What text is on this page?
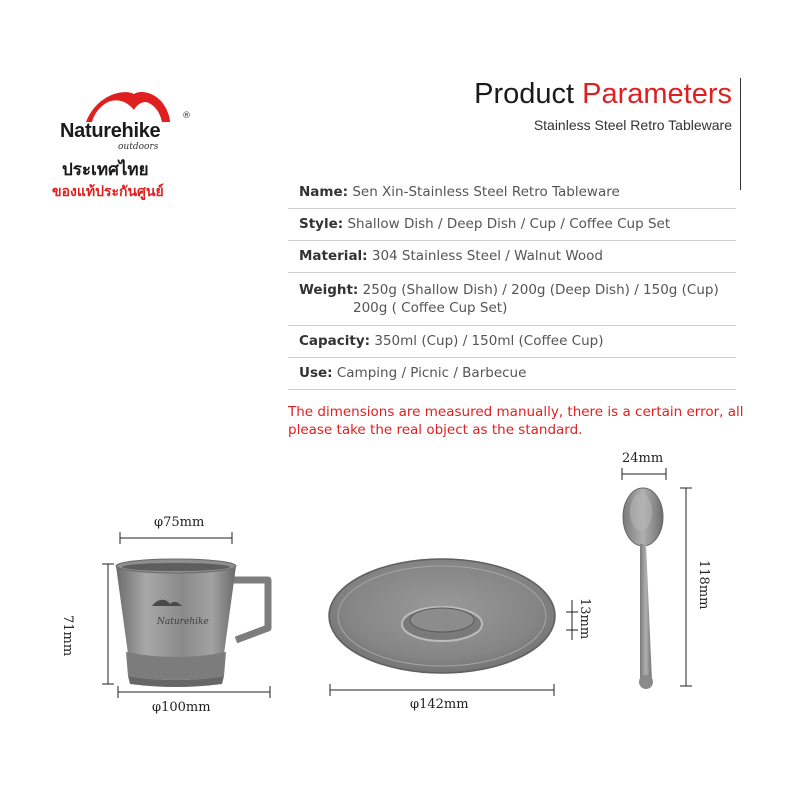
Naturehike
®
outdoors
ประเทศไทย
ของแท้ประกันศูนย์
Product Parameters
Stainless Steel Retro Tableware
Name: Sen Xin-Stainless Steel Retro Tableware
Style: Shallow Dish / Deep Dish / Cup / Coffee Cup Set
Material: 304 Stainless Steel / Walnut Wood
Weight: 250g (Shallow Dish) / 200g (Deep Dish) / 150g (Cup)
200g ( Coffee Cup Set)
Capacity: 350ml (Cup) / 150ml (Coffee Cup)
Use: Camping / Picnic / Barbecue
The dimensions are measured manually, there is a certain error, all please take the real object as the standard.
Naturehike
φ75mm
71mm
φ100mm	φ142mm
13mm
24mm
118mm
